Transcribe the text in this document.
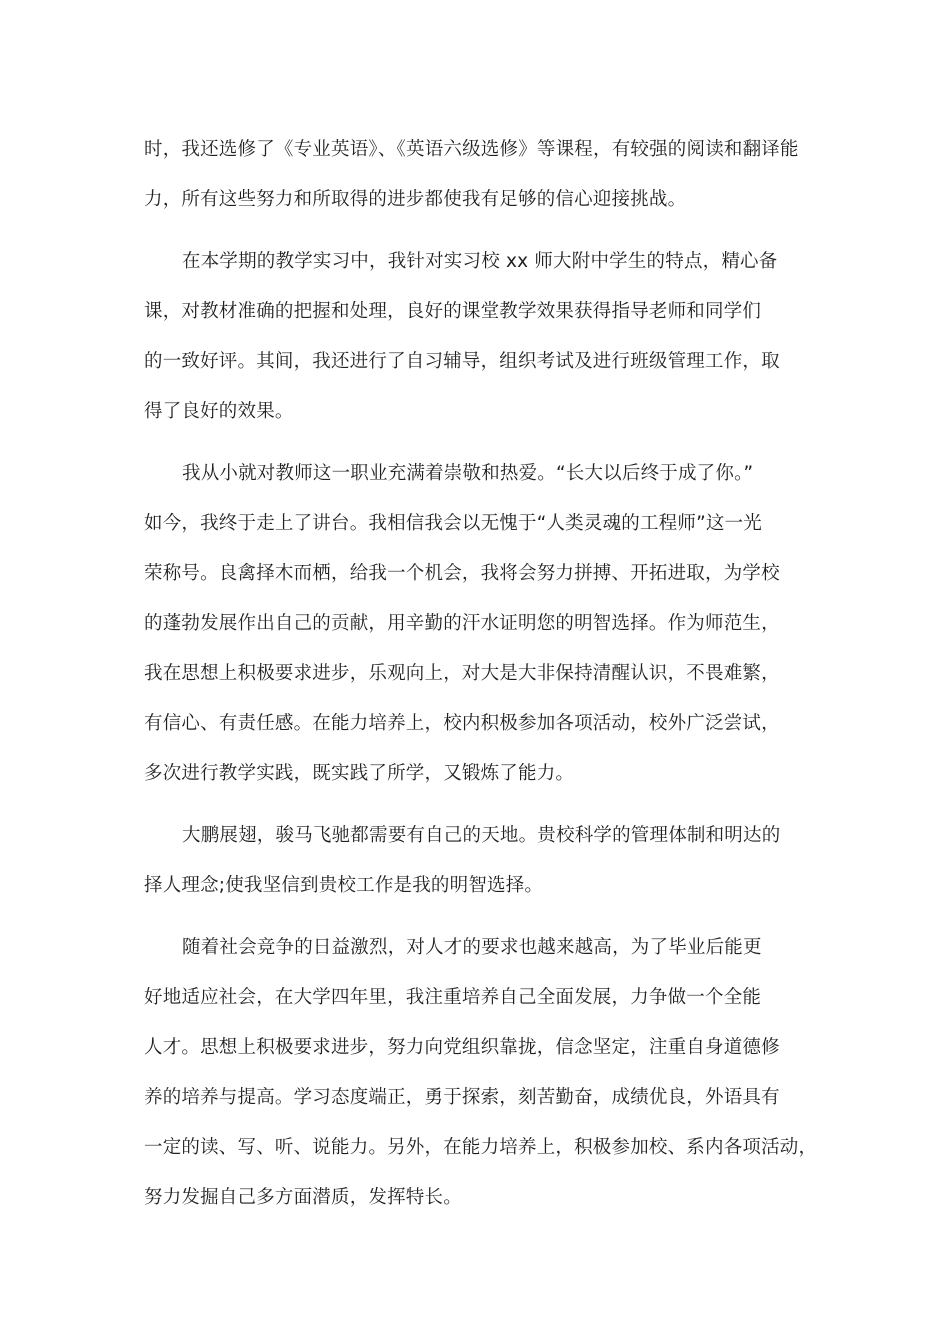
时，我还选修了《专业英语》、《英语六级选修》等课程，有较强的阅读和翻译能
力，所有这些努力和所取得的进步都使我有足够的信心迎接挑战。
在本学期的教学实习中，我针对实习校 xx 师大附中学生的特点，精心备
课，对教材准确的把握和处理，良好的课堂教学效果获得指导老师和同学们
的一致好评。其间，我还进行了自习辅导，组织考试及进行班级管理工作，取
得了良好的效果。
我从小就对教师这一职业充满着崇敬和热爱。“长大以后终于成了你。”
如今，我终于走上了讲台。我相信我会以无愧于“人类灵魂的工程师”这一光
荣称号。良禽择木而栖，给我一个机会，我将会努力拼搏、开拓进取，为学校
的蓬勃发展作出自己的贡献，用辛勤的汗水证明您的明智选择。作为师范生，
我在思想上积极要求进步，乐观向上，对大是大非保持清醒认识，不畏难繁，
有信心、有责任感。在能力培养上，校内积极参加各项活动，校外广泛尝试，
多次进行教学实践，既实践了所学，又锻炼了能力。
大鹏展翅，骏马飞驰都需要有自己的天地。贵校科学的管理体制和明达的
择人理念;使我坚信到贵校工作是我的明智选择。
随着社会竞争的日益激烈，对人才的要求也越来越高，为了毕业后能更
好地适应社会，在大学四年里，我注重培养自己全面发展，力争做一个全能
人才。思想上积极要求进步，努力向党组织靠拢，信念坚定，注重自身道德修
养的培养与提高。学习态度端正，勇于探索，刻苦勤奋，成绩优良，外语具有
一定的读、写、听、说能力。另外，在能力培养上，积极参加校、系内各项活动，
努力发掘自己多方面潜质，发挥特长。
